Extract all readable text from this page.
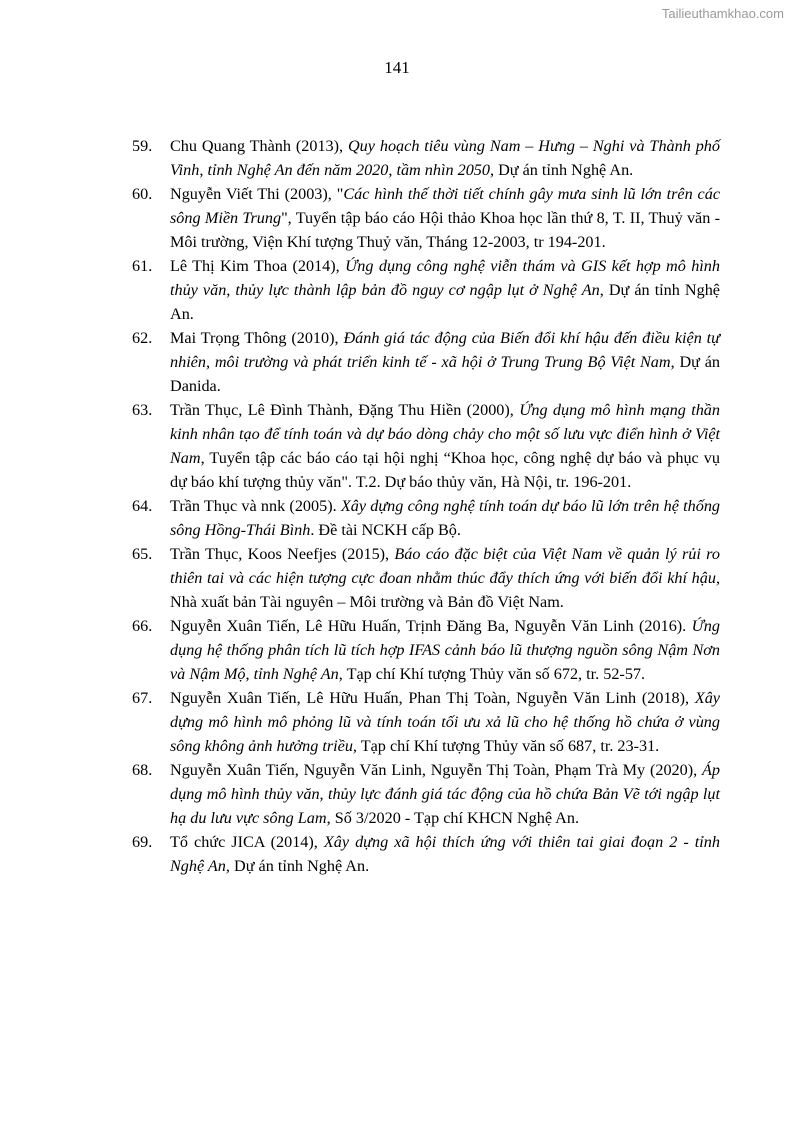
Tailieuthamkhao.com
141
59.	Chu Quang Thành (2013), Quy hoạch tiêu vùng Nam – Hưng – Nghi và Thành phố Vinh, tỉnh Nghệ An đến năm 2020, tầm nhìn 2050, Dự án tỉnh Nghệ An.
60.	Nguyễn Viết Thi (2003), "Các hình thế thời tiết chính gây mưa sinh lũ lớn trên các sông Miền Trung", Tuyển tập báo cáo Hội thảo Khoa học lần thứ 8, T. II, Thuỷ văn - Môi trường, Viện Khí tượng Thuỷ văn, Tháng 12-2003, tr 194-201.
61.	Lê Thị Kim Thoa (2014), Ứng dụng công nghệ viễn thám và GIS kết hợp mô hình thủy văn, thủy lực thành lập bản đồ nguy cơ ngập lụt ở Nghệ An, Dự án tỉnh Nghệ An.
62.	Mai Trọng Thông (2010), Đánh giá tác động của Biến đổi khí hậu đến điều kiện tự nhiên, môi trường và phát triển kinh tế - xã hội ở Trung Trung Bộ Việt Nam, Dự án Danida.
63.	Trần Thục, Lê Đình Thành, Đặng Thu Hiền (2000), Ứng dụng mô hình mạng thần kinh nhân tạo để tính toán và dự báo dòng chảy cho một số lưu vực điển hình ở Việt Nam, Tuyển tập các báo cáo tại hội nghị “Khoa học, công nghệ dự báo và phục vụ dự báo khí tượng thủy văn". T.2. Dự báo thủy văn, Hà Nội, tr. 196-201.
64.	Trần Thục và nnk (2005). Xây dựng công nghệ tính toán dự báo lũ lớn trên hệ thống sông Hồng-Thái Bình. Đề tài NCKH cấp Bộ.
65.	Trần Thục, Koos Neefjes (2015), Báo cáo đặc biệt của Việt Nam về quản lý rủi ro thiên tai và các hiện tượng cực đoan nhằm thúc đẩy thích ứng với biến đổi khí hậu, Nhà xuất bản Tài nguyên – Môi trường và Bản đồ Việt Nam.
66.	Nguyễn Xuân Tiến, Lê Hữu Huấn, Trịnh Đăng Ba, Nguyễn Văn Linh (2016). Ứng dụng hệ thống phân tích lũ tích hợp IFAS cảnh báo lũ thượng nguồn sông Nậm Nơn và Nậm Mộ, tỉnh Nghệ An, Tạp chí Khí tượng Thủy văn số 672, tr. 52-57.
67.	Nguyễn Xuân Tiến, Lê Hữu Huấn, Phan Thị Toàn, Nguyễn Văn Linh (2018), Xây dựng mô hình mô phỏng lũ và tính toán tối ưu xả lũ cho hệ thống hồ chứa ở vùng sông không ảnh hưởng triều, Tạp chí Khí tượng Thủy văn số 687, tr. 23-31.
68.	Nguyễn Xuân Tiến, Nguyễn Văn Linh, Nguyễn Thị Toàn, Phạm Trà My (2020), Áp dụng mô hình thủy văn, thủy lực đánh giá tác động của hồ chứa Bản Vẽ tới ngập lụt hạ du lưu vực sông Lam, Số 3/2020 - Tạp chí KHCN Nghệ An.
69.	Tổ chức JICA (2014), Xây dựng xã hội thích ứng với thiên tai giai đoạn 2 - tỉnh Nghệ An, Dự án tỉnh Nghệ An.
